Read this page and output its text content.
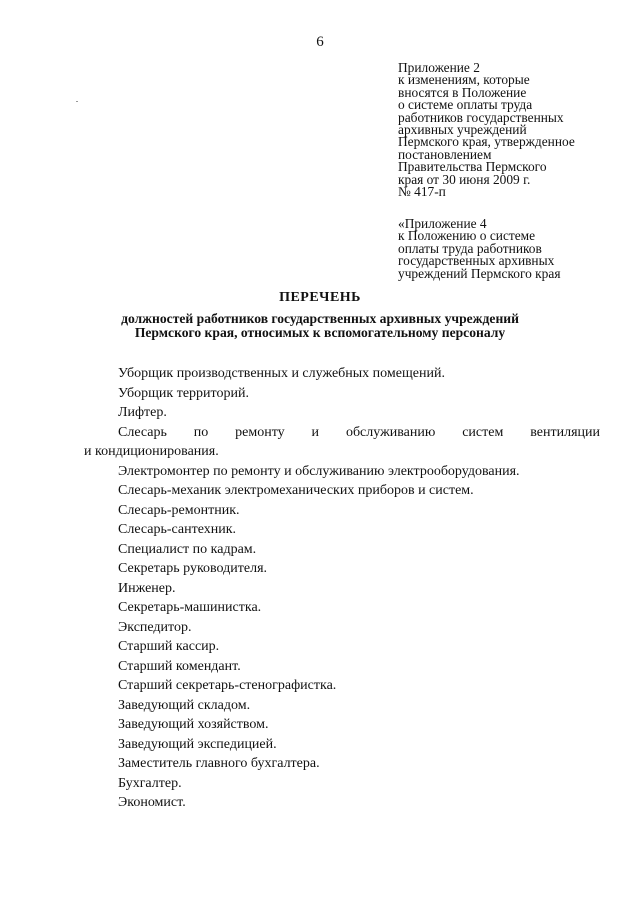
6
Приложение 2
к изменениям, которые
вносятся в Положение
о системе оплаты труда
работников государственных
архивных учреждений
Пермского края, утвержденное
постановлением
Правительства Пермского
края от 30 июня 2009 г.
№ 417-п
«Приложение 4
к Положению о системе
оплаты труда работников
государственных архивных
учреждений Пермского края
ПЕРЕЧЕНЬ
должностей работников государственных архивных учреждений
Пермского края, относимых к вспомогательному персоналу
Уборщик производственных и служебных помещений.
Уборщик территорий.
Лифтер.
Слесарь по ремонту и обслуживанию систем вентиляции
и кондиционирования.
Электромонтер по ремонту и обслуживанию электрооборудования.
Слесарь-механик электромеханических приборов и систем.
Слесарь-ремонтник.
Слесарь-сантехник.
Специалист по кадрам.
Секретарь руководителя.
Инженер.
Секретарь-машинистка.
Экспедитор.
Старший кассир.
Старший комендант.
Старший секретарь-стенографистка.
Заведующий складом.
Заведующий хозяйством.
Заведующий экспедицией.
Заместитель главного бухгалтера.
Бухгалтер.
Экономист.
